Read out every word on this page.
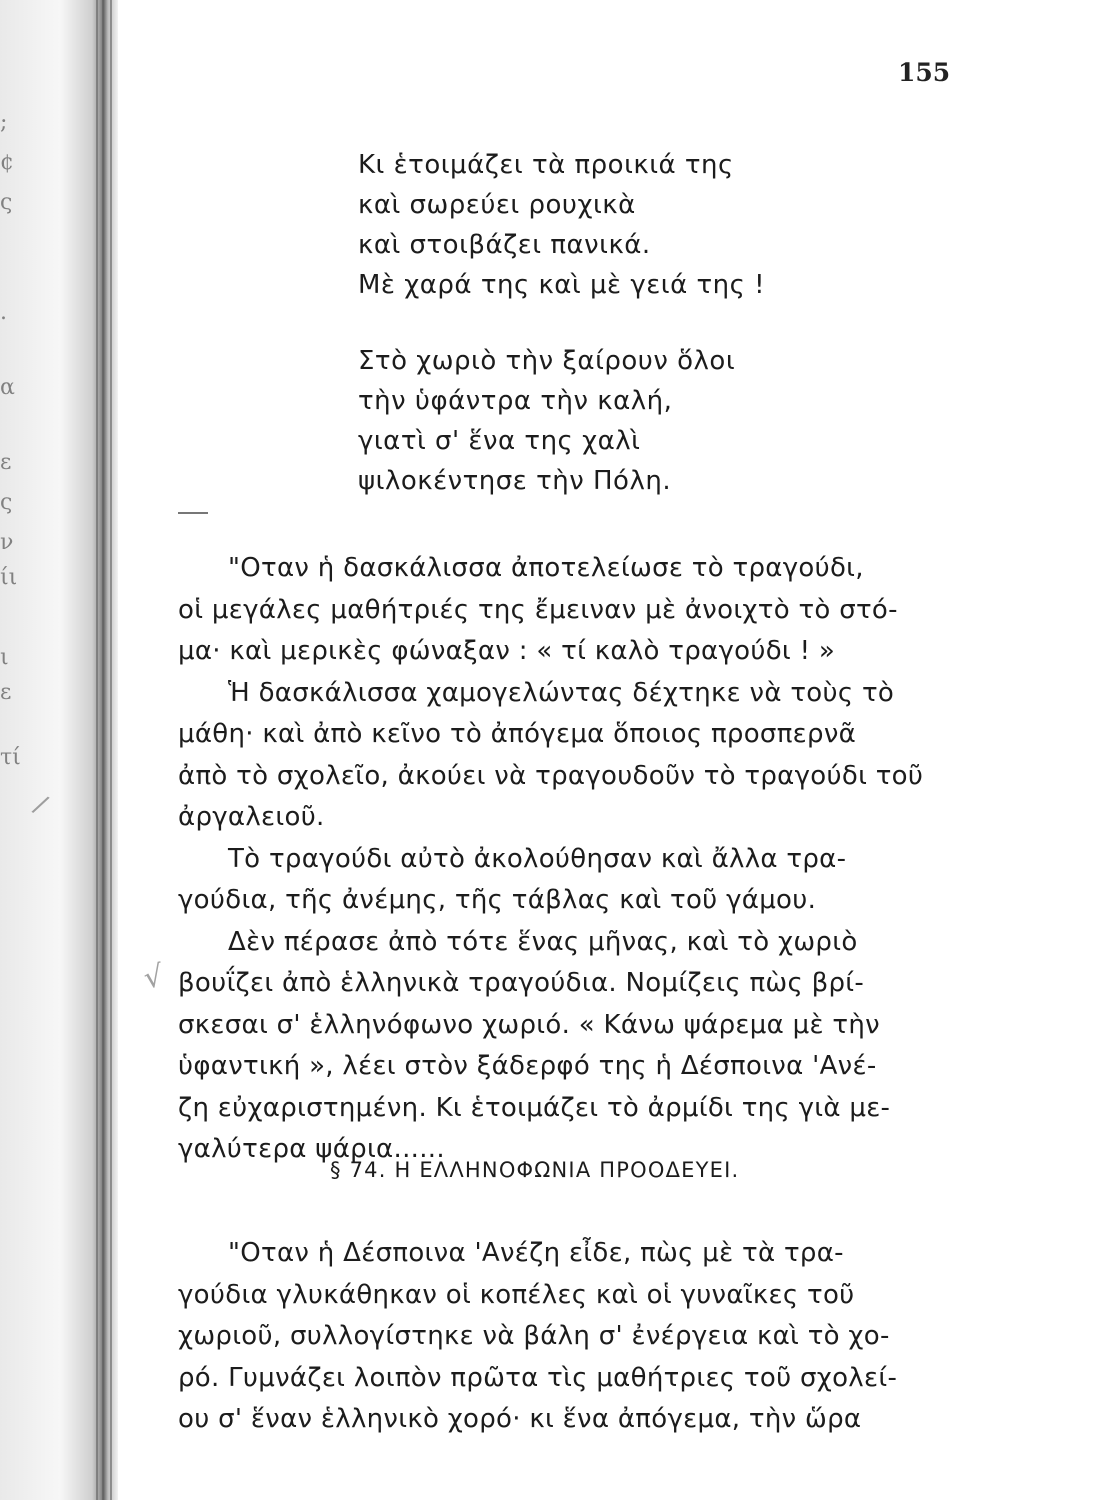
;
¢
ς
.
α
ε
ς
ν
ίι
ι
ε
τί
155
Κι ἑτοιμάζει τὰ προικιά της
καὶ σωρεύει ρουχικὰ
καὶ στοιβάζει πανικά.
Μὲ χαρά της καὶ μὲ γειά της !
Στὸ χωριὸ τὴν ξαίρουν ὅλοι
τὴν ὑφάντρα τὴν καλή,
γιατὶ σ' ἕνα της χαλὶ
ψιλοκέντησε τὴν Πόλη.
"Οταν ἡ δασκάλισσα ἀποτελείωσε τὸ τραγούδι,
οἱ μεγάλες μαθήτριές της ἔμειναν μὲ ἀνοιχτὸ τὸ στό-
μα· καὶ μερικὲς φώναξαν : « τί καλὸ τραγούδι ! »
Ἡ δασκάλισσα χαμογελώντας δέχτηκε νὰ τοὺς τὸ
μάθη· καὶ ἀπὸ κεῖνο τὸ ἀπόγεμα ὅποιος προσπερνᾶ
ἀπὸ τὸ σχολεῖο, ἀκούει νὰ τραγουδοῦν τὸ τραγούδι τοῦ
ἀργαλειοῦ.
Τὸ τραγούδι αὐτὸ ἀκολούθησαν καὶ ἄλλα τρα-
γούδια, τῆς ἀνέμης, τῆς τάβλας καὶ τοῦ γάμου.
Δὲν πέρασε ἀπὸ τότε ἕνας μῆνας, καὶ τὸ χωριὸ
βουΐζει ἀπὸ ἑλληνικὰ τραγούδια. Νομίζεις πὼς βρί-
σκεσαι σ' ἑλληνόφωνο χωριό. « Κάνω ψάρεμα μὲ τὴν
ὑφαντική », λέει στὸν ξάδερφό της ἡ Δέσποινα 'Ανέ-
ζη εὐχαριστημένη. Κι ἑτοιμάζει τὸ ἀρμίδι της γιὰ με-
γαλύτερα ψάρια......
§ 74. Η ΕΛΛΗΝΟΦΩΝΙΑ ΠΡΟΟΔΕΥΕΙ.
"Οταν ἡ Δέσποινα 'Ανέζη εἶδε, πὼς μὲ τὰ τρα-
γούδια γλυκάθηκαν οἱ κοπέλες καὶ οἱ γυναῖκες τοῦ
χωριοῦ, συλλογίστηκε νὰ βάλη σ' ἐνέργεια καὶ τὸ χο-
ρό. Γυμνάζει λοιπὸν πρῶτα τὶς μαθήτριες τοῦ σχολεί-
ου σ' ἕναν ἑλληνικὸ χορό· κι ἕνα ἀπόγεμα, τὴν ὥρα
√
/
